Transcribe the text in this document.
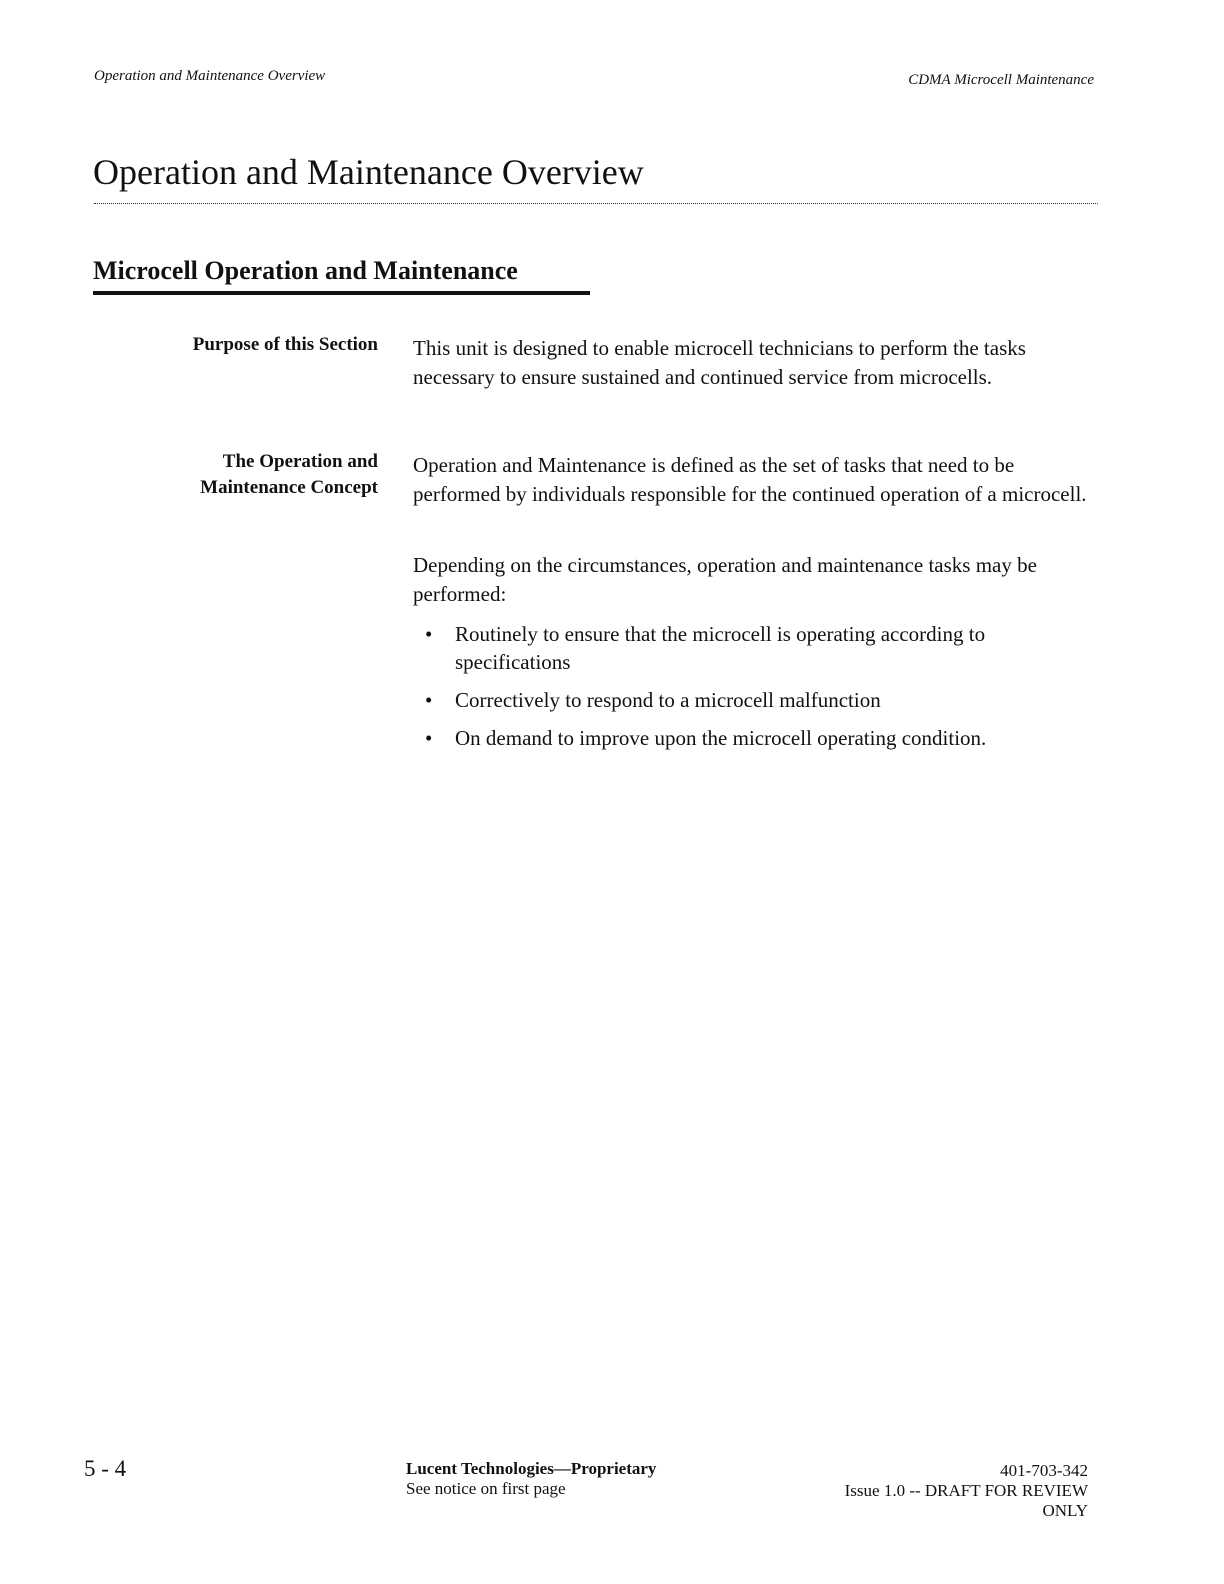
Operation and Maintenance Overview	CDMA Microcell Maintenance
Operation and Maintenance Overview
Microcell Operation and Maintenance
Purpose of this Section This unit is designed to enable microcell technicians to perform the tasks necessary to ensure sustained and continued service from microcells.

The Operation and
Maintenance Concept

Operation and Maintenance is defined as the set of tasks that need to be performed by individuals responsible for the continued operation of a microcell.

Depending on the circumstances, operation and maintenance tasks may be performed:

• Routinely to ensure that the microcell is operating according to specifications
• Correctively to respond to a microcell malfunction
• On demand to improve upon the microcell operating condition.
5 - 4	Lucent Technologies—Proprietary
See notice on first page
401-703-342
Issue 1.0 -- DRAFT FOR REVIEW
ONLY
